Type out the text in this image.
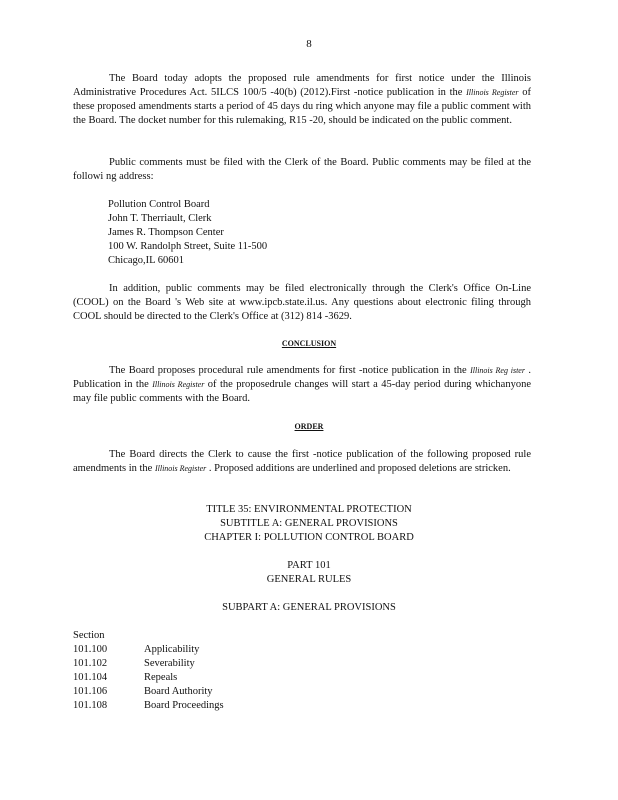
8
The Board today adopts the proposed rule amendments for first notice under the Illinois Administrative Procedures Act. 5ILCS 100/5 -40(b) (2012).First -notice publication in the Illinois Register of these proposed amendments starts a period of 45 days du ring which anyone may file a public comment with the Board. The docket number for this rulemaking, R15 -20, should be indicated on the public comment.
Public comments must be filed with the Clerk of the Board. Public comments may be filed at the followi ng address:
Pollution Control Board
John T. Therriault, Clerk
James R. Thompson Center
100 W. Randolph Street, Suite 11-500
Chicago,IL 60601
In addition, public comments may be filed electronically through the Clerk's Office On-Line (COOL) on the Board 's Web site at www.ipcb.state.il.us. Any questions about electronic filing through COOL should be directed to the Clerk's Office at (312) 814 -3629.
CONCLUSION
The Board proposes procedural rule amendments for first -notice publication in the Illinois Reg ister . Publication in the Illinois Register of the proposedrule changes will start a 45-day period during whichanyone may file public comments with the Board.
ORDER
The Board directs the Clerk to cause the first -notice publication of the following proposed rule amendments in the Illinois Register . Proposed additions are underlined and proposed deletions are stricken.
TITLE 35: ENVIRONMENTAL PROTECTION
SUBTITLE A: GENERAL PROVISIONS
CHAPTER I: POLLUTION CONTROL BOARD
PART 101
GENERAL RULES
SUBPART A: GENERAL PROVISIONS
Section
101.100	Applicability
101.102	Severability
101.104	Repeals
101.106	Board Authority
101.108	Board Proceedings
